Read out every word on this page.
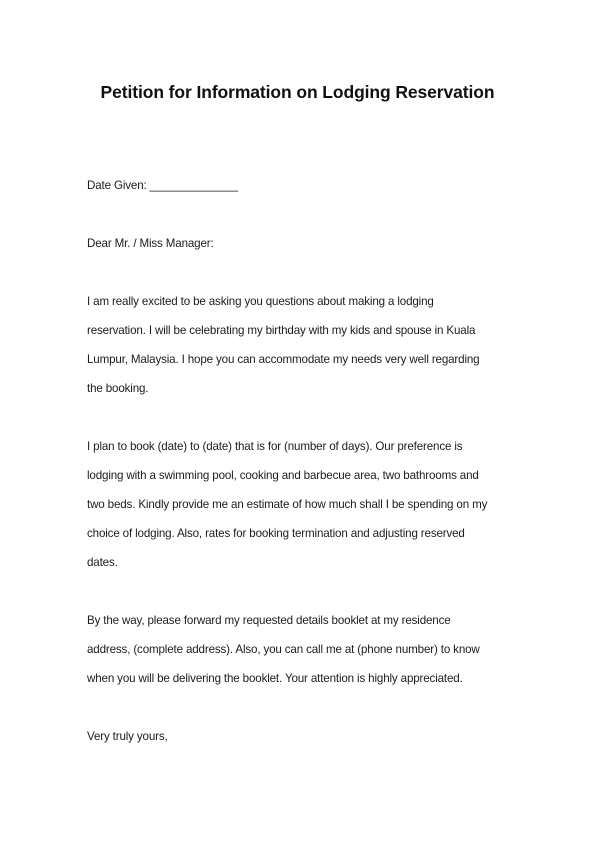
Petition for Information on Lodging Reservation
Date Given: ______________
Dear Mr. / Miss Manager:
I am really excited to be asking you questions about making a lodging
reservation. I will be celebrating my birthday with my kids and spouse in Kuala
Lumpur, Malaysia. I hope you can accommodate my needs very well regarding
the booking.
I plan to book (date) to (date) that is for (number of days). Our preference is
lodging with a swimming pool, cooking and barbecue area, two bathrooms and
two beds. Kindly provide me an estimate of how much shall I be spending on my
choice of lodging. Also, rates for booking termination and adjusting reserved
dates.
By the way, please forward my requested details booklet at my residence
address, (complete address). Also, you can call me at (phone number) to know
when you will be delivering the booklet. Your attention is highly appreciated.
Very truly yours,
